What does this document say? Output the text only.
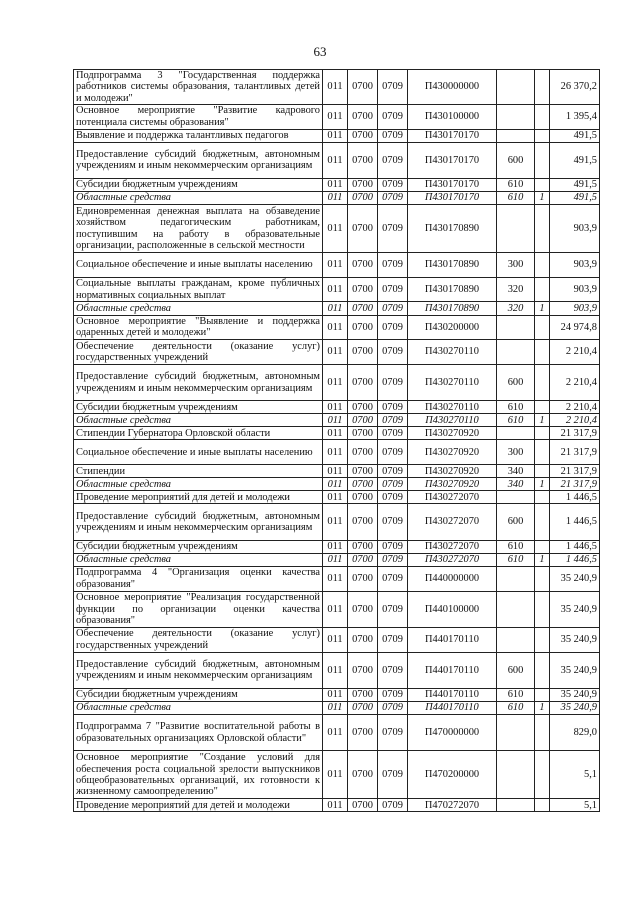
63
Подпрограмма 3 "Государственная поддержка работников системы образования, талантливых детей и молодежи"	011	0700	0709	П430000000			26 370,2
Основное мероприятие "Развитие кадрового потенциала системы образования"	011	0700	0709	П430100000			1 395,4
Выявление и поддержка талантливых педагогов	011	0700	0709	П430170170			491,5
Предоставление субсидий бюджетным, автономным учреждениям и иным некоммерческим организациям	011	0700	0709	П430170170	600		491,5
Субсидии бюджетным учреждениям	011	0700	0709	П430170170	610		491,5
Областные средства	011	0700	0709	П430170170	610	1	491,5
Единовременная денежная выплата на обзаведение хозяйством педагогическим работникам, поступившим на работу в образовательные организации, расположенные в сельской местности	011	0700	0709	П430170890			903,9
Социальное обеспечение и иные выплаты населению	011	0700	0709	П430170890	300		903,9
Социальные выплаты гражданам, кроме публичных нормативных социальных выплат	011	0700	0709	П430170890	320		903,9
Областные средства	011	0700	0709	П430170890	320	1	903,9
Основное мероприятие "Выявление и поддержка одаренных детей и молодежи"	011	0700	0709	П430200000			24 974,8
Обеспечение деятельности (оказание услуг) государственных учреждений	011	0700	0709	П430270110			2 210,4
Предоставление субсидий бюджетным, автономным учреждениям и иным некоммерческим организациям	011	0700	0709	П430270110	600		2 210,4
Субсидии бюджетным учреждениям	011	0700	0709	П430270110	610		2 210,4
Областные средства	011	0700	0709	П430270110	610	1	2 210,4
Стипендии Губернатора Орловской области	011	0700	0709	П430270920			21 317,9
Социальное обеспечение и иные выплаты населению	011	0700	0709	П430270920	300		21 317,9
Стипендии	011	0700	0709	П430270920	340		21 317,9
Областные средства	011	0700	0709	П430270920	340	1	21 317,9
Проведение мероприятий для детей и молодежи	011	0700	0709	П430272070			1 446,5
Предоставление субсидий бюджетным, автономным учреждениям и иным некоммерческим организациям	011	0700	0709	П430272070	600		1 446,5
Субсидии бюджетным учреждениям	011	0700	0709	П430272070	610		1 446,5
Областные средства	011	0700	0709	П430272070	610	1	1 446,5
Подпрограмма 4 "Организация оценки качества образования"	011	0700	0709	П440000000			35 240,9
Основное мероприятие "Реализация государственной функции по организации оценки качества образования"	011	0700	0709	П440100000			35 240,9
Обеспечение деятельности (оказание услуг) государственных учреждений	011	0700	0709	П440170110			35 240,9
Предоставление субсидий бюджетным, автономным учреждениям и иным некоммерческим организациям	011	0700	0709	П440170110	600		35 240,9
Субсидии бюджетным учреждениям	011	0700	0709	П440170110	610		35 240,9
Областные средства	011	0700	0709	П440170110	610	1	35 240,9
Подпрограмма 7 "Развитие воспитательной работы в образовательных организациях Орловской области"	011	0700	0709	П470000000			829,0
Основное мероприятие "Создание условий для обеспечения роста социальной зрелости выпускников общеобразовательных организаций, их готовности к жизненному самоопределению"	011	0700	0709	П470200000			5,1
Проведение мероприятий для детей и молодежи	011	0700	0709	П470272070			5,1
